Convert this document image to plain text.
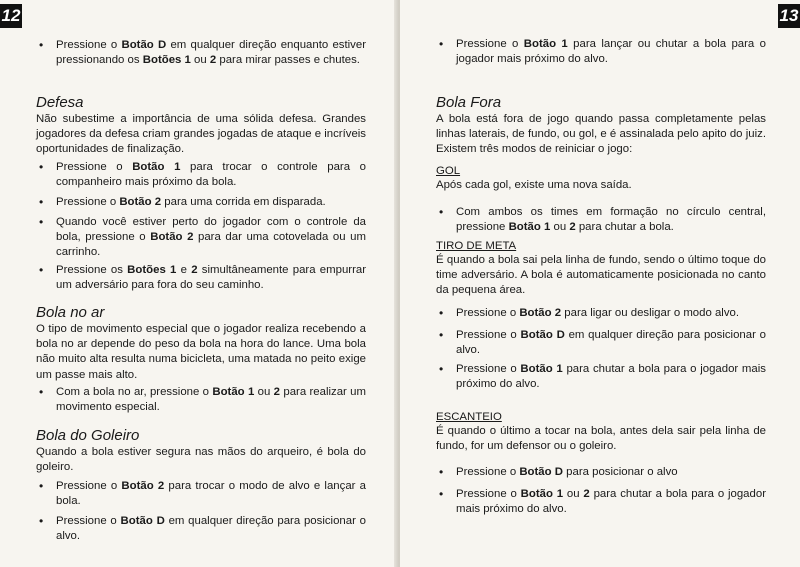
12
• Pressione o Botão D em qualquer direção enquanto estiver pressionando os Botões 1 ou 2 para mirar passes e chutes.
Defesa

Não subestime a importância de uma sólida defesa. Grandes jogadores da defesa criam grandes jogadas de ataque e incríveis oportunidades de finalização.

• Pressione o Botão 1 para trocar o controle para o companheiro mais próximo da bola.
• Pressione o Botão 2 para uma corrida em disparada.
• Quando você estiver perto do jogador com o controle da bola, pressione o Botão 2 para dar uma cotovelada ou um carrinho.
• Pressione os Botões 1 e 2 simultâneamente para empurrar um adversário para fora do seu caminho.
Bola no ar

O tipo de movimento especial que o jogador realiza recebendo a bola no ar depende do peso da bola na hora do lance. Uma bola não muito alta resulta numa bicicleta, uma matada no peito exige um passe mais alto.

• Com a bola no ar, pressione o Botão 1 ou 2 para realizar um movimento especial.
Bola do Goleiro

Quando a bola estiver segura nas mãos do arqueiro, é bola do goleiro.

• Pressione o Botão 2 para trocar o modo de alvo e lançar a bola.
• Pressione o Botão D em qualquer direção para posicionar o alvo.
13
• Pressione o Botão 1 para lançar ou chutar a bola para o jogador mais próximo do alvo.
Bola Fora

A bola está fora de jogo quando passa completamente pelas linhas laterais, de fundo, ou gol, e é assinalada pelo apito do juiz. Existem três modos de reiniciar o jogo:

GOL

Após cada gol, existe uma nova saída.

• Com ambos os times em formação no círculo central, pressione Botão 1 ou 2 para chutar a bola.
TIRO DE META

É quando a bola sai pela linha de fundo, sendo o último toque do time adversário. A bola é automaticamente posicionada no canto da pequena área.

• Pressione o Botão 2 para ligar ou desligar o modo alvo.
• Pressione o Botão D em qualquer direção para posicionar o alvo.
• Pressione o Botão 1 para chutar a bola para o jogador mais próximo do alvo.
ESCANTEIO

É quando o último a tocar na bola, antes dela sair pela linha de fundo, for um defensor ou o goleiro.

• Pressione o Botão D para posicionar o alvo
• Pressione o Botão 1 ou 2 para chutar a bola para o jogador mais próximo do alvo.
